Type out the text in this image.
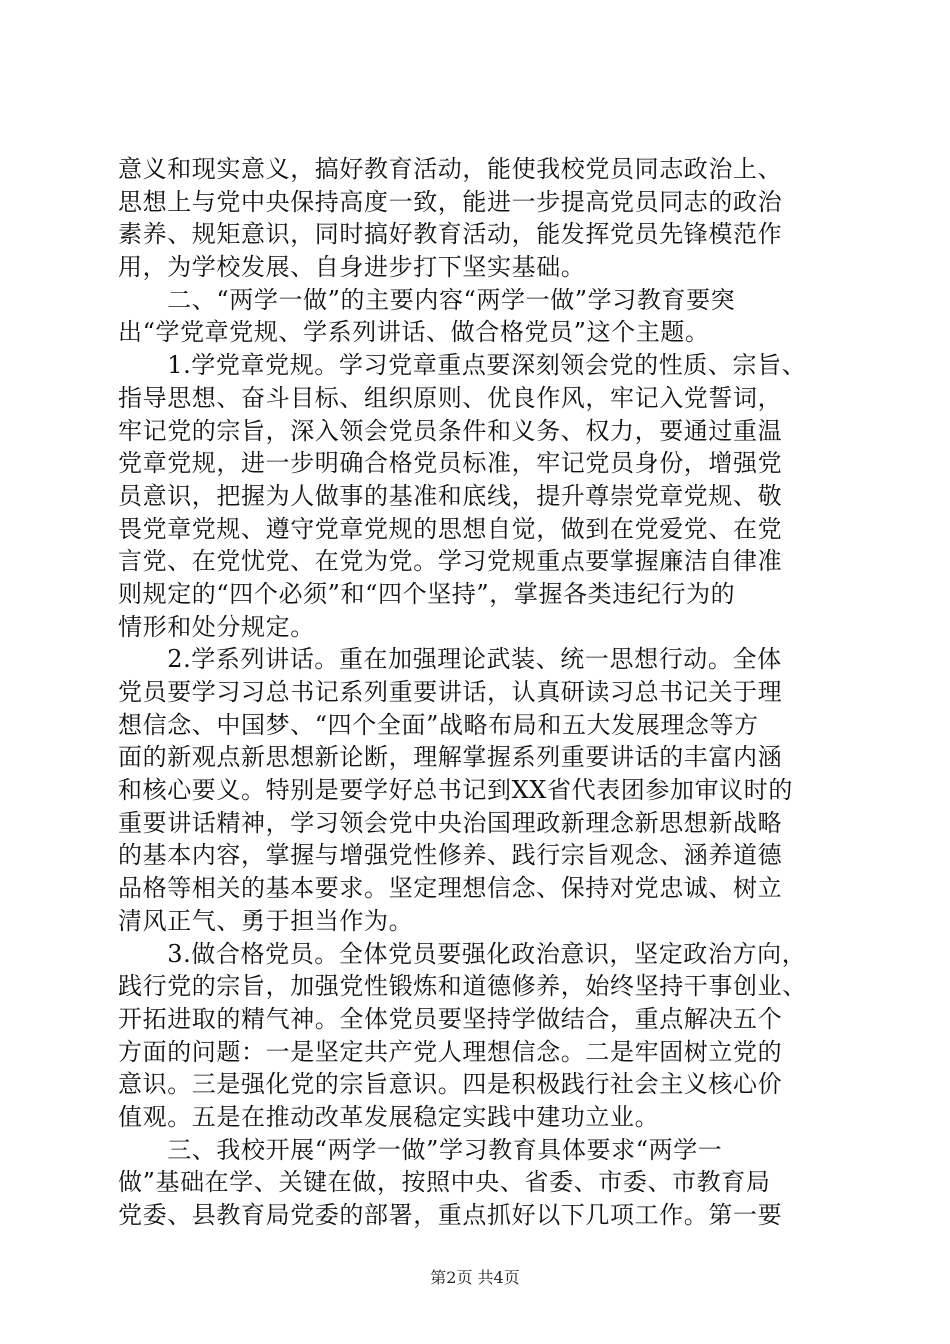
意义和现实意义，搞好教育活动，能使我校党员同志政治上、
思想上与党中央保持高度一致，能进一步提高党员同志的政治
素养、规矩意识，同时搞好教育活动，能发挥党员先锋模范作
用，为学校发展、自身进步打下坚实基础。
　　二、“两学一做”的主要内容“两学一做”学习教育要突
出“学党章党规、学系列讲话、做合格党员”这个主题。
　　1.学党章党规。学习党章重点要深刻领会党的性质、宗旨、
指导思想、奋斗目标、组织原则、优良作风，牢记入党誓词，
牢记党的宗旨，深入领会党员条件和义务、权力，要通过重温
党章党规，进一步明确合格党员标准，牢记党员身份，增强党
员意识，把握为人做事的基准和底线，提升尊崇党章党规、敬
畏党章党规、遵守党章党规的思想自觉，做到在党爱党、在党
言党、在党忧党、在党为党。学习党规重点要掌握廉洁自律准
则规定的“四个必须”和“四个坚持”，掌握各类违纪行为的
情形和处分规定。
　　2.学系列讲话。重在加强理论武装、统一思想行动。全体
党员要学习习总书记系列重要讲话，认真研读习总书记关于理
想信念、中国梦、“四个全面”战略布局和五大发展理念等方
面的新观点新思想新论断，理解掌握系列重要讲话的丰富内涵
和核心要义。特别是要学好总书记到XX省代表团参加审议时的
重要讲话精神，学习领会党中央治国理政新理念新思想新战略
的基本内容，掌握与增强党性修养、践行宗旨观念、涵养道德
品格等相关的基本要求。坚定理想信念、保持对党忠诚、树立
清风正气、勇于担当作为。
　　3.做合格党员。全体党员要强化政治意识，坚定政治方向，
践行党的宗旨，加强党性锻炼和道德修养，始终坚持干事创业、
开拓进取的精气神。全体党员要坚持学做结合，重点解决五个
方面的问题：一是坚定共产党人理想信念。二是牢固树立党的
意识。三是强化党的宗旨意识。四是积极践行社会主义核心价
值观。五是在推动改革发展稳定实践中建功立业。
　　三、我校开展“两学一做”学习教育具体要求“两学一
做”基础在学、关键在做，按照中央、省委、市委、市教育局
党委、县教育局党委的部署，重点抓好以下几项工作。第一要
第2页 共4页
